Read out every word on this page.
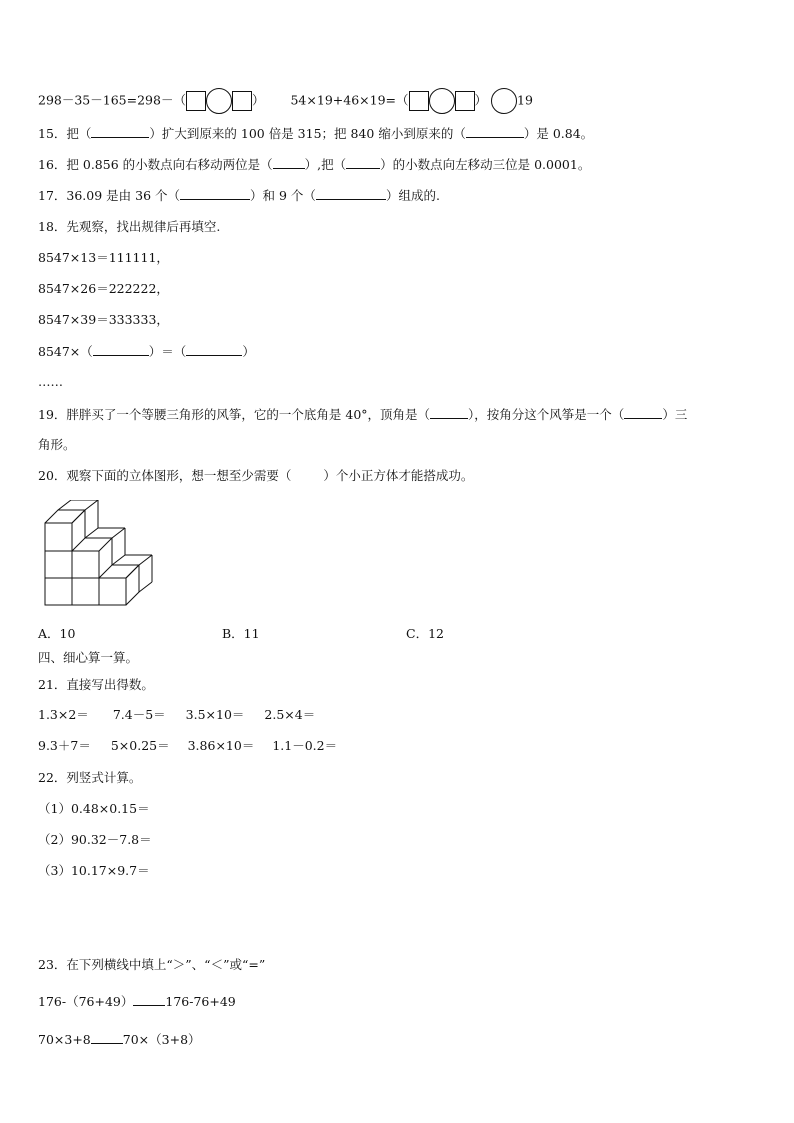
298－35－165=298－（	） 54×19+46×19=（	） 19
15．把（	）扩大到原来的 100 倍是 315；把 840 缩小到原来的（	）是 0.84。
16．把 0.856 的小数点向右移动两位是（	）,把（	）的小数点向左移动三位是 0.0001。
17．36.09 是由 36 个（	）和 9 个（	）组成的.
18．先观察，找出规律后再填空.
8547×13＝111111，
8547×26＝222222，
8547×39＝333333，
8547×（	）＝（	）
……
19．胖胖买了一个等腰三角形的风筝，它的一个底角是 40°，顶角是（	），按角分这个风筝是一个（	）三
角形。
20．观察下面的立体图形，想一想至少需要（	）个小正方体才能搭成功。
A．10	B．11	C．12
四、细心算一算。
21．直接写出得数。
1.3×2＝ 7.4－5＝ 3.5×10＝ 2.5×4＝
9.3＋7＝ 5×0.25＝ 3.86×10＝ 1.1－0.2＝
22．列竖式计算。
（1）0.48×0.15＝
（2）90.32－7.8＝
（3）10.17×9.7＝
23．在下列横线中填上“＞”、“＜”或“=”
176-（76+49）	176-76+49
70×3+8	70×（3+8）
